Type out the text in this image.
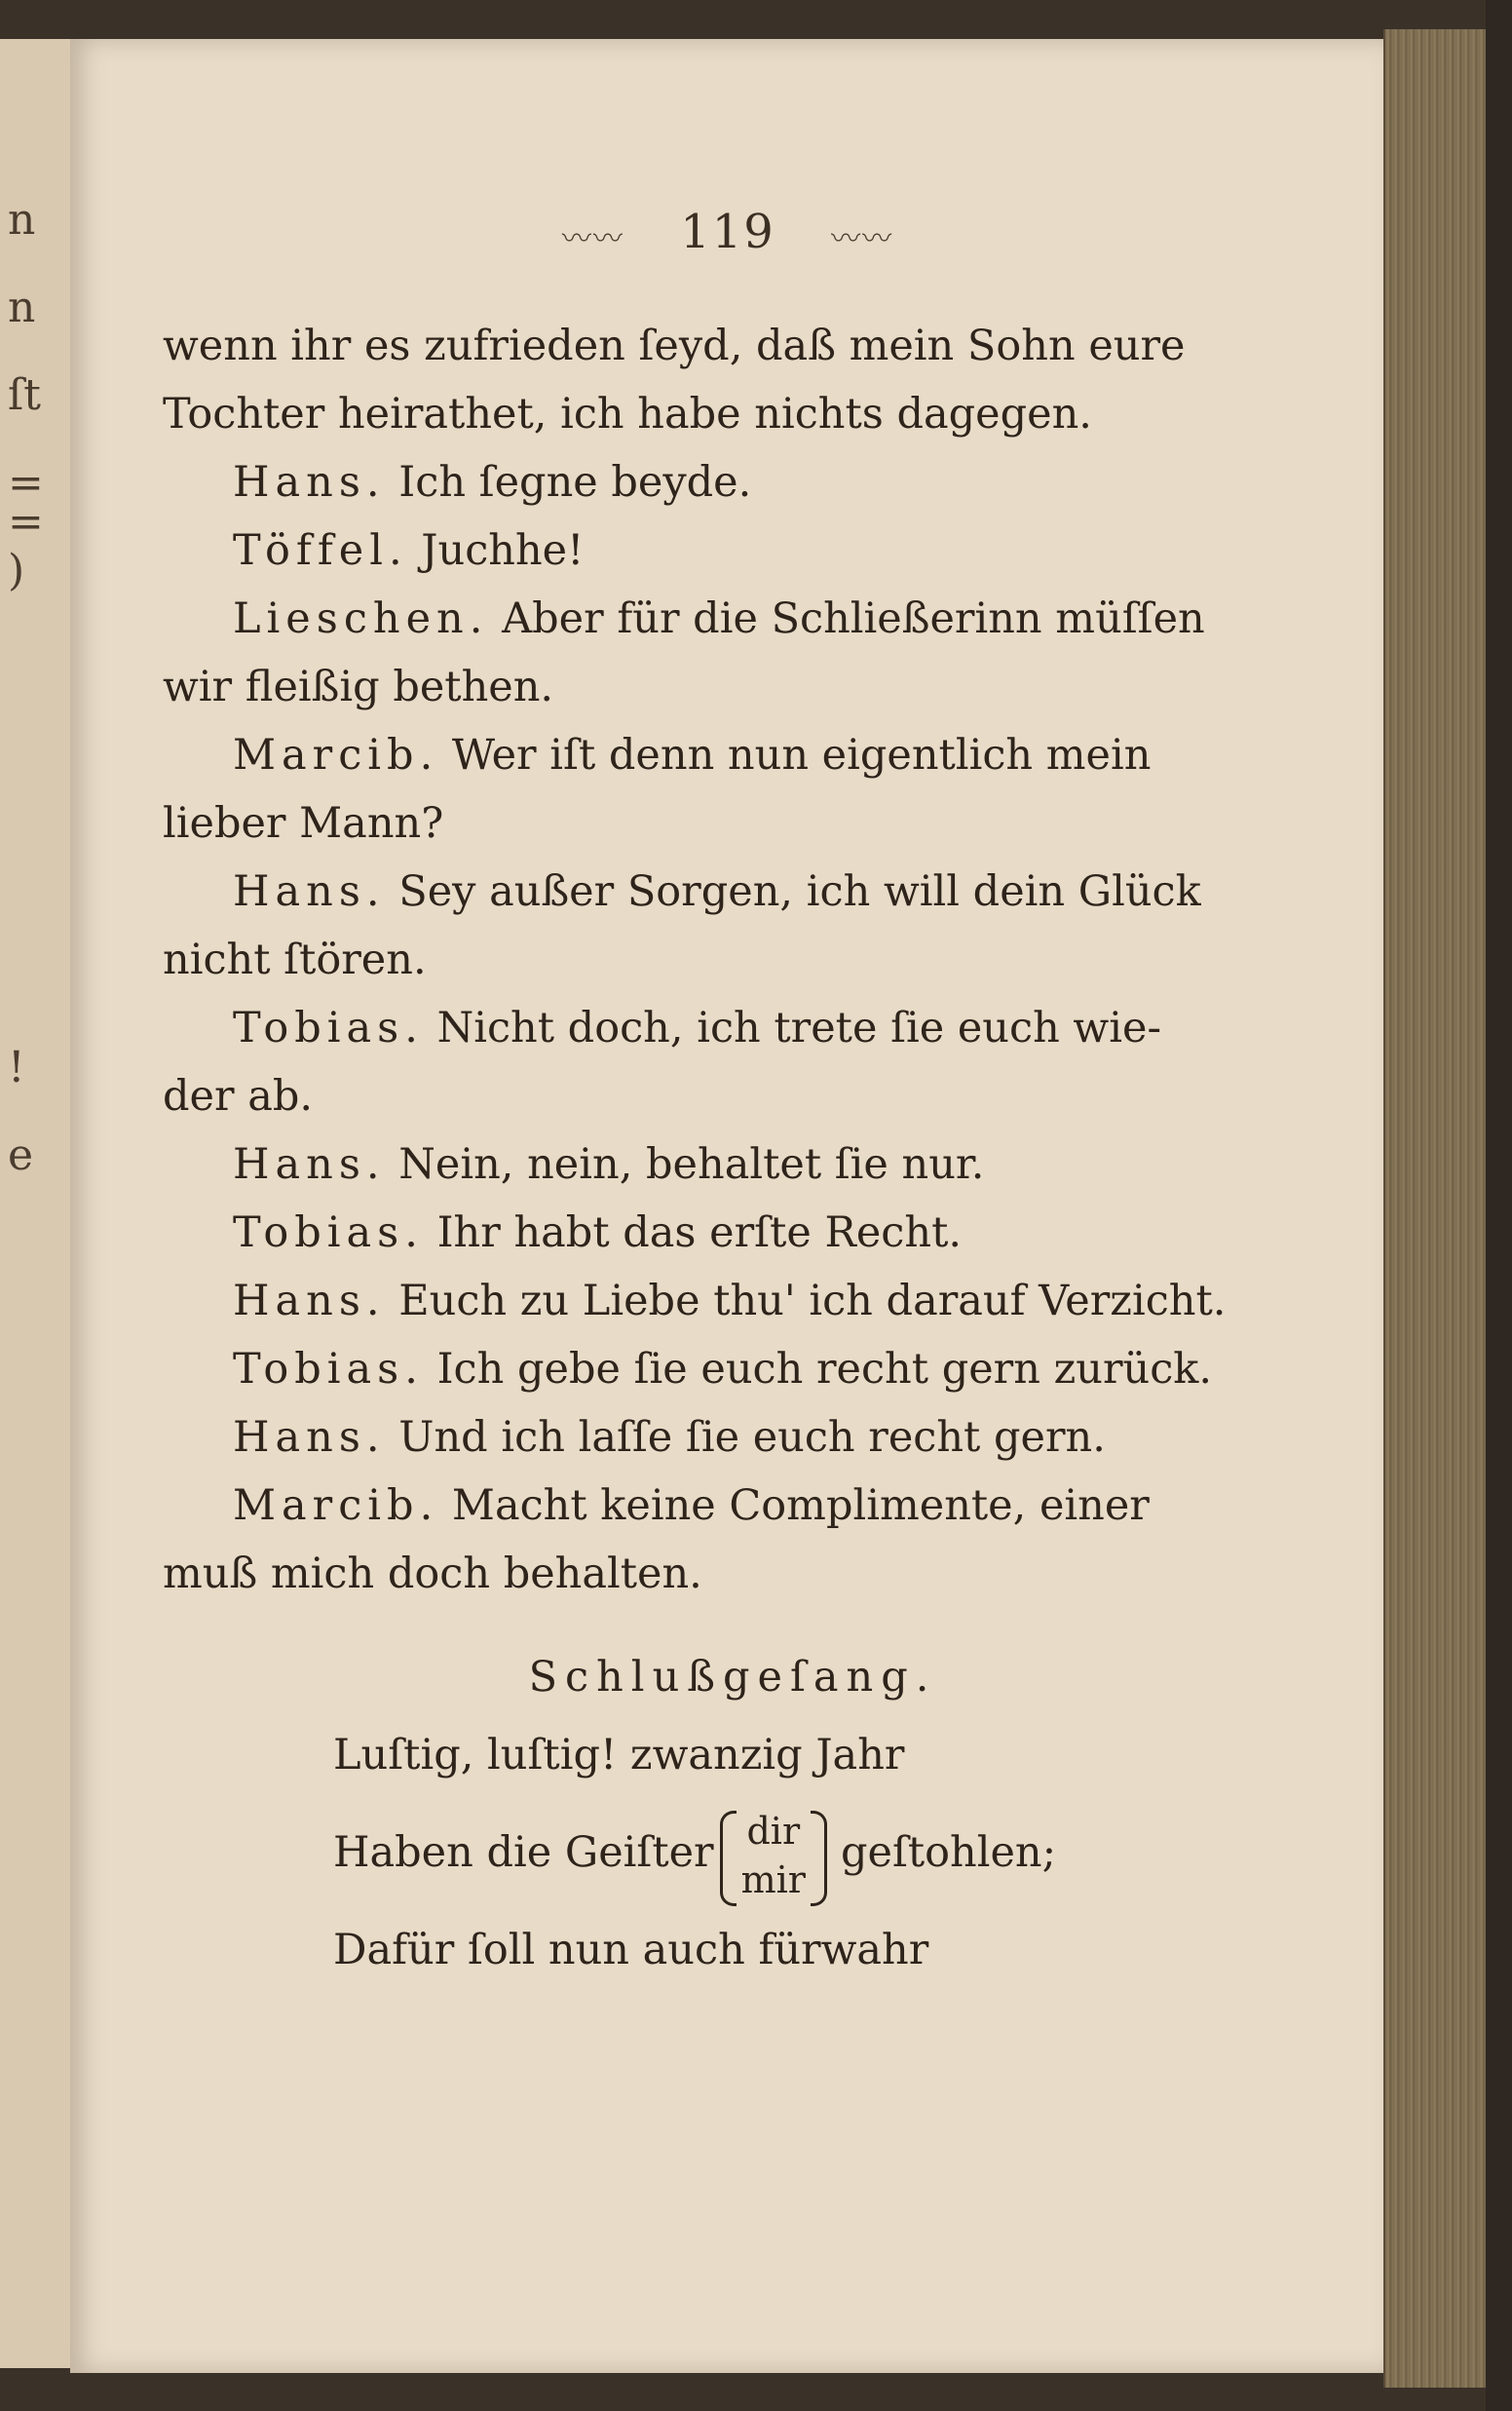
n
n
ſt
=
=
)
!
e
〰〰 119 〰〰
wenn ihr es zufrieden ſeyd, daß mein Sohn eure
Tochter heirathet, ich habe nichts dagegen.
Hans. Ich ſegne beyde.
Töffel. Juchhe!
Lieschen. Aber für die Schließerinn müſſen
wir fleißig bethen.
Marcib. Wer iſt denn nun eigentlich mein
lieber Mann?
Hans. Sey außer Sorgen, ich will dein Glück
nicht ſtören.
Tobias. Nicht doch, ich trete ſie euch wie-
der ab.
Hans. Nein, nein, behaltet ſie nur.
Tobias. Ihr habt das erſte Recht.
Hans. Euch zu Liebe thu' ich darauf Verzicht.
Tobias. Ich gebe ſie euch recht gern zurück.
Hans. Und ich laſſe ſie euch recht gern.
Marcib. Macht keine Complimente, einer
muß mich doch behalten.
Schlußgeſang.
Luſtig, luſtig! zwanzig Jahr
Haben die Geiſter dir
mir
geſtohlen;
Dafür ſoll nun auch fürwahr
